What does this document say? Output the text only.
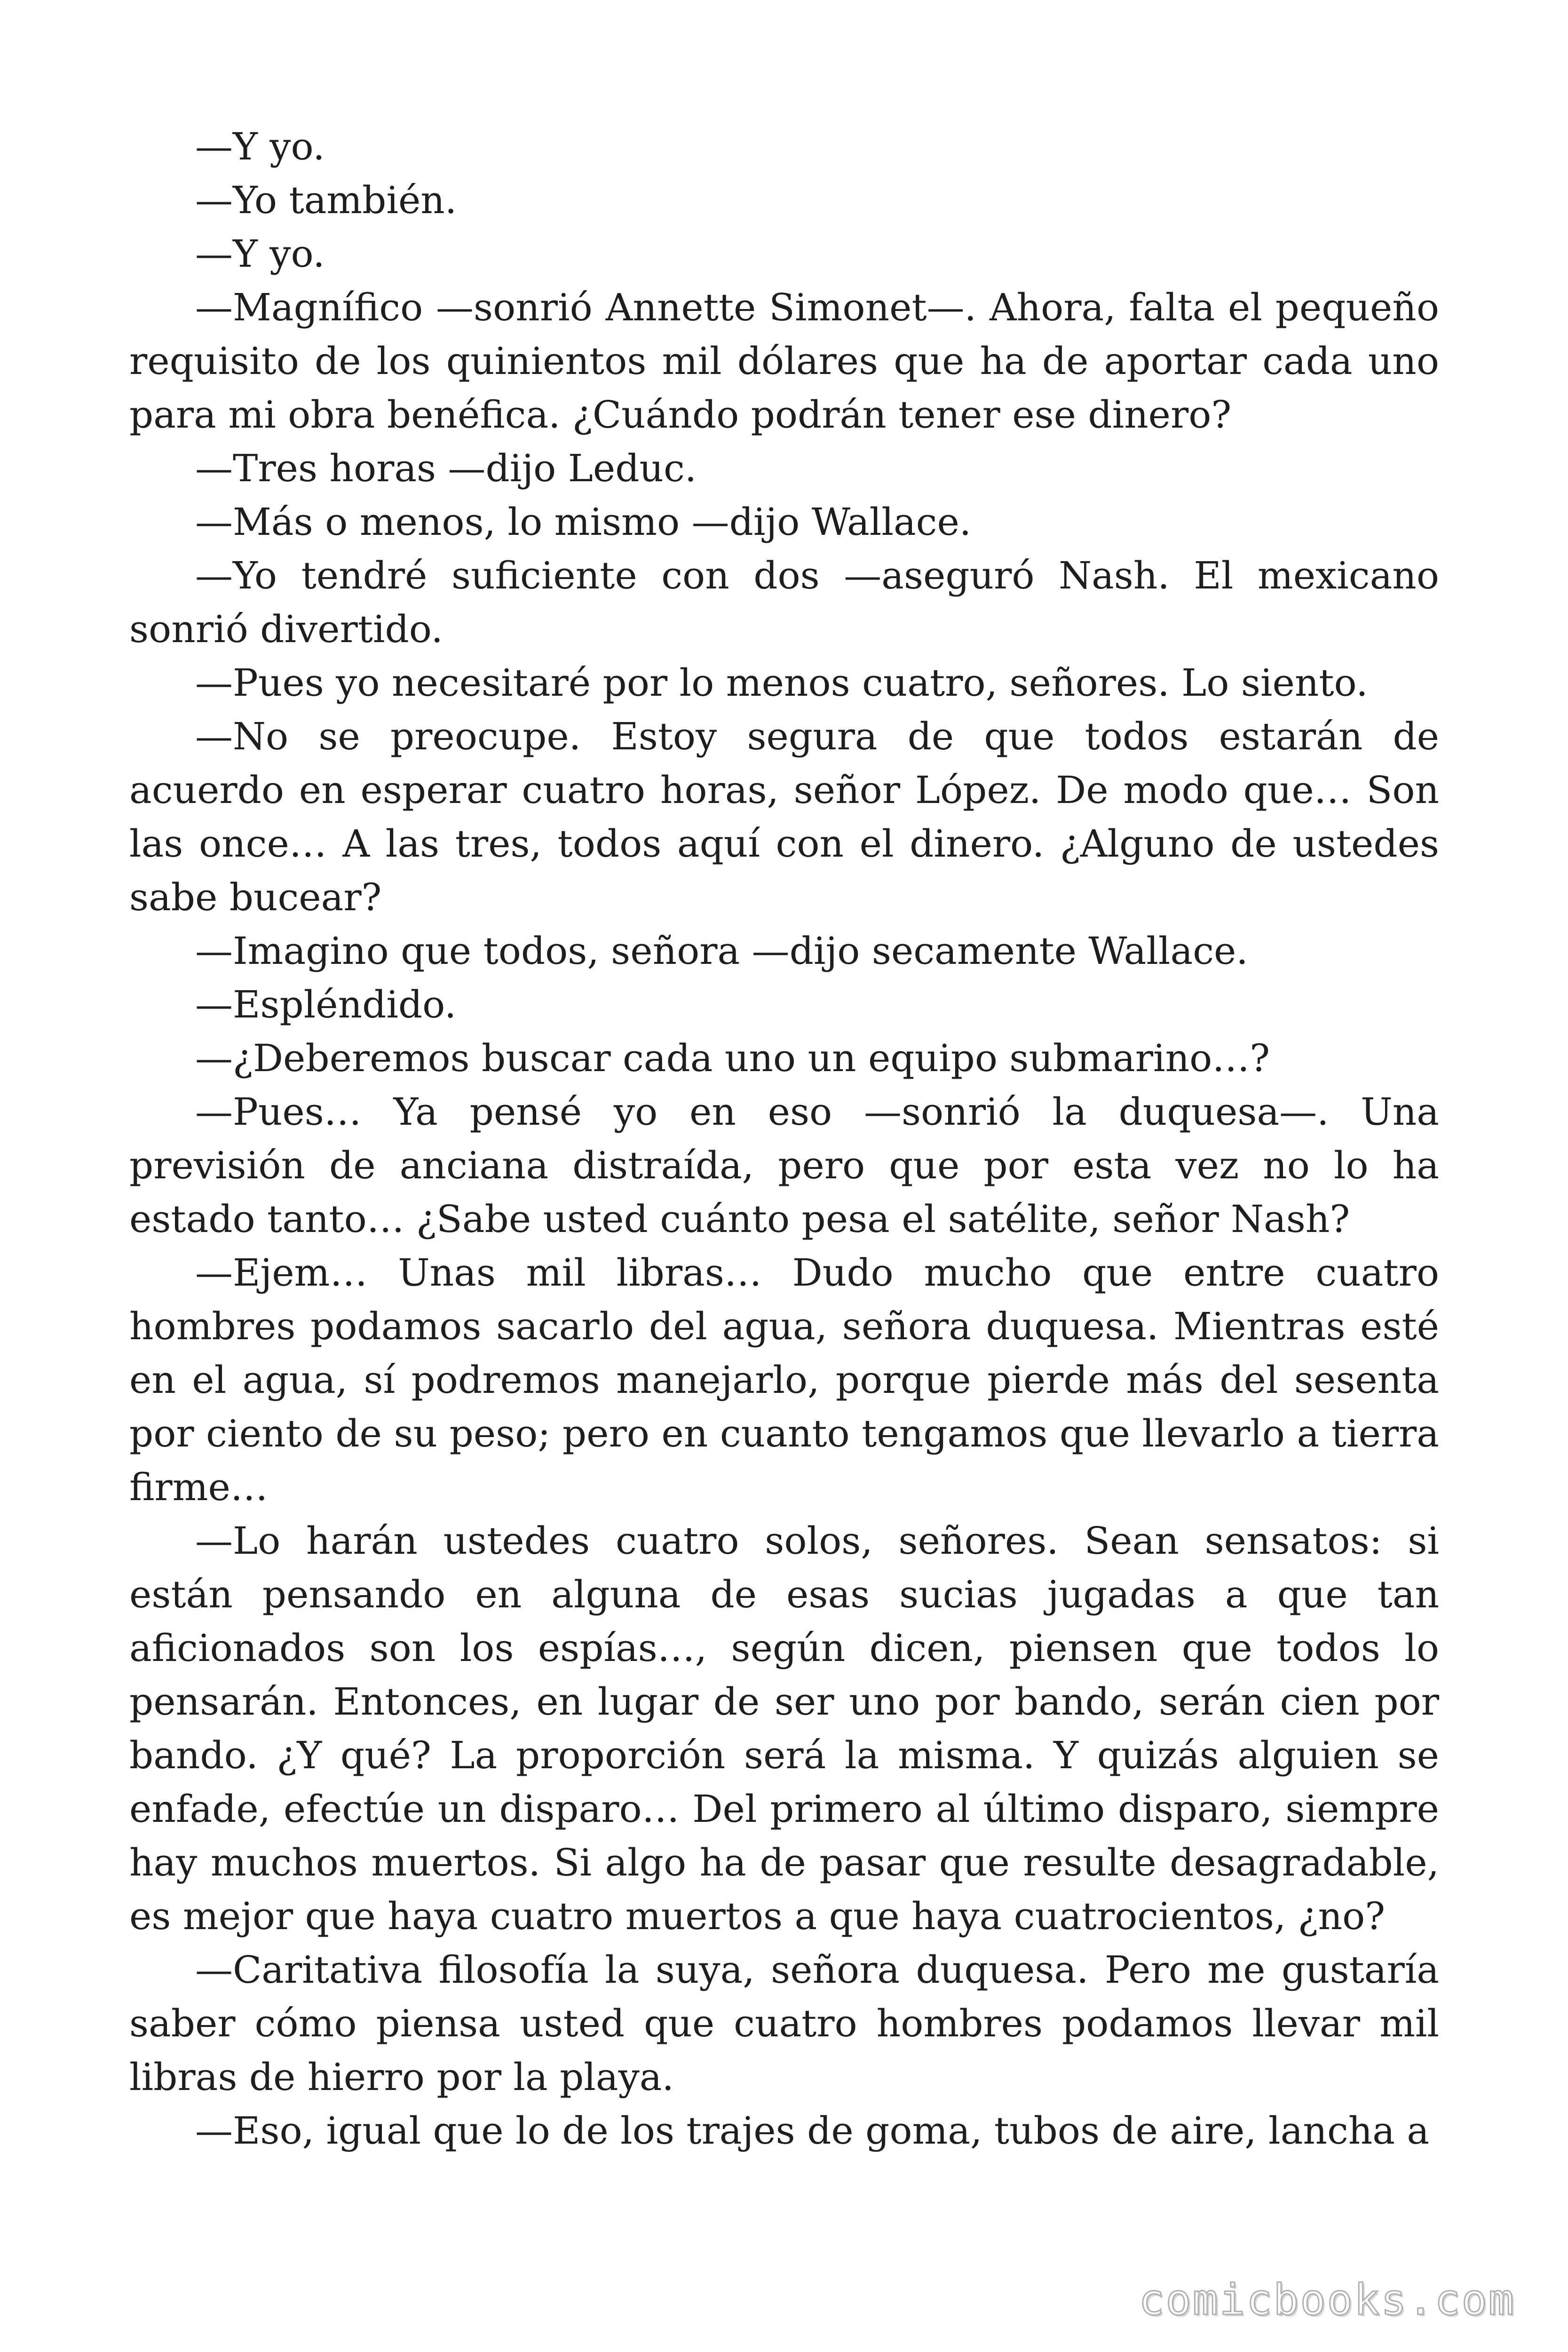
—Y yo.

—Yo también.

—Y yo.

—Magnífico —sonrió Annette Simonet—. Ahora, falta el pequeño requisito de los quinientos mil dólares que ha de aportar cada uno para mi obra benéfica. ¿Cuándo podrán tener ese dinero?

—Tres horas —dijo Leduc.

—Más o menos, lo mismo —dijo Wallace.

—Yo tendré suficiente con dos —aseguró Nash. El mexicano sonrió divertido.

—Pues yo necesitaré por lo menos cuatro, señores. Lo siento.

—No se preocupe. Estoy segura de que todos estarán de acuerdo en esperar cuatro horas, señor López. De modo que… Son las once… A las tres, todos aquí con el dinero. ¿Alguno de ustedes sabe bucear?

—Imagino que todos, señora —dijo secamente Wallace.

—Espléndido.

—¿Deberemos buscar cada uno un equipo submarino…?

—Pues… Ya pensé yo en eso —sonrió la duquesa—. Una previsión de anciana distraída, pero que por esta vez no lo ha estado tanto… ¿Sabe usted cuánto pesa el satélite, señor Nash?

—Ejem… Unas mil libras… Dudo mucho que entre cuatro hombres podamos sacarlo del agua, señora duquesa. Mientras esté en el agua, sí podremos manejarlo, porque pierde más del sesenta por ciento de su peso; pero en cuanto tengamos que llevarlo a tierra firme…

—Lo harán ustedes cuatro solos, señores. Sean sensatos: si están pensando en alguna de esas sucias jugadas a que tan aficionados son los espías…, según dicen, piensen que todos lo pensarán. Entonces, en lugar de ser uno por bando, serán cien por bando. ¿Y qué? La proporción será la misma. Y quizás alguien se enfade, efectúe un disparo… Del primero al último disparo, siempre hay muchos muertos. Si algo ha de pasar que resulte desagradable, es mejor que haya cuatro muertos a que haya cuatrocientos, ¿no?

—Caritativa filosofía la suya, señora duquesa. Pero me gustaría saber cómo piensa usted que cuatro hombres podamos llevar mil libras de hierro por la playa.

—Eso, igual que lo de los trajes de goma, tubos de aire, lancha a

comicbooks.com
